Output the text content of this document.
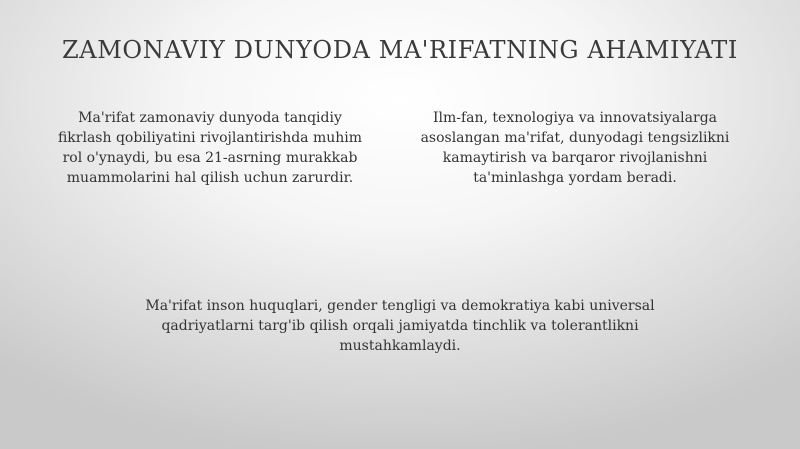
ZAMONAVIY DUNYODA MA'RIFATNING AHAMIYATI
Ma'rifat zamonaviy dunyoda tanqidiy fikrlash qobiliyatini rivojlantirishda muhim rol o'ynaydi, bu esa 21-asrning murakkab muammolarini hal qilish uchun zarurdir.
Ilm-fan, texnologiya va innovatsiyalarga asoslangan ma'rifat, dunyodagi tengsizlikni kamaytirish va barqaror rivojlanishni ta'minlashga yordam beradi.
Ma'rifat inson huquqlari, gender tengligi va demokratiya kabi universal qadriyatlarni targ'ib qilish orqali jamiyatda tinchlik va tolerantlikni mustahkamlaydi.
